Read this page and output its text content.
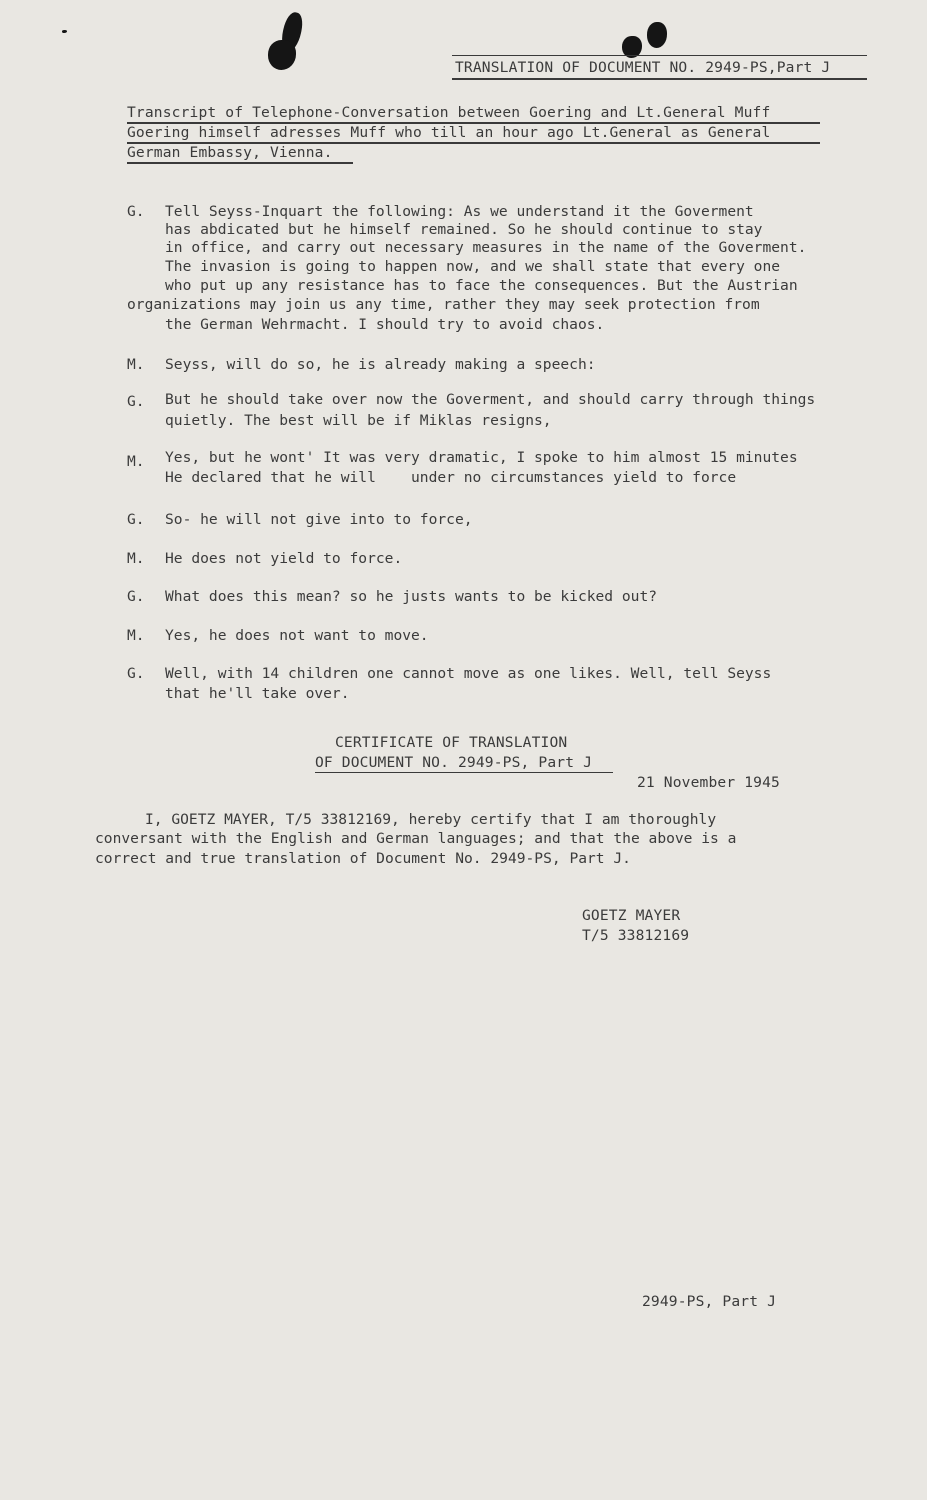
TRANSLATION OF DOCUMENT NO. 2949-PS,Part J
Transcript of Telephone-Conversation between Goering and Lt.General Muff
Goering himself adresses Muff who till an hour ago Lt.General as General
German Embassy, Vienna.
G. Tell Seyss-Inquart the following: As we understand it the Goverment
has abdicated but he himself remained. So he should continue to stay
in office, and carry out necessary measures in the name of the Goverment.
The invasion is going to happen now, and we shall state that every one
who put up any resistance has to face the consequences. But the Austrian
organizations may join us any time, rather they may seek protection from
the German Wehrmacht. I should try to avoid chaos.
M. Seyss, will do so, he is already making a speech:
G. But he should take over now the Goverment, and should carry through things
quietly. The best will be if Miklas resigns,
M. Yes, but he wont' It was very dramatic, I spoke to him almost 15 minutes
He declared that he will    under no circumstances yield to force
G. So- he will not give into to force,
M. He does not yield to force.
G. What does this mean? so he justs wants to be kicked out?
M. Yes, he does not want to move.
G. Well, with 14 children one cannot move as one likes. Well, tell Seyss
that he'll take over.
CERTIFICATE OF TRANSLATION
OF DOCUMENT NO. 2949-PS, Part J
21 November 1945
I, GOETZ MAYER, T/5 33812169, hereby certify that I am thoroughly
conversant with the English and German languages; and that the above is a
correct and true translation of Document No. 2949-PS, Part J.
GOETZ MAYER
T/5 33812169
2949-PS, Part J
